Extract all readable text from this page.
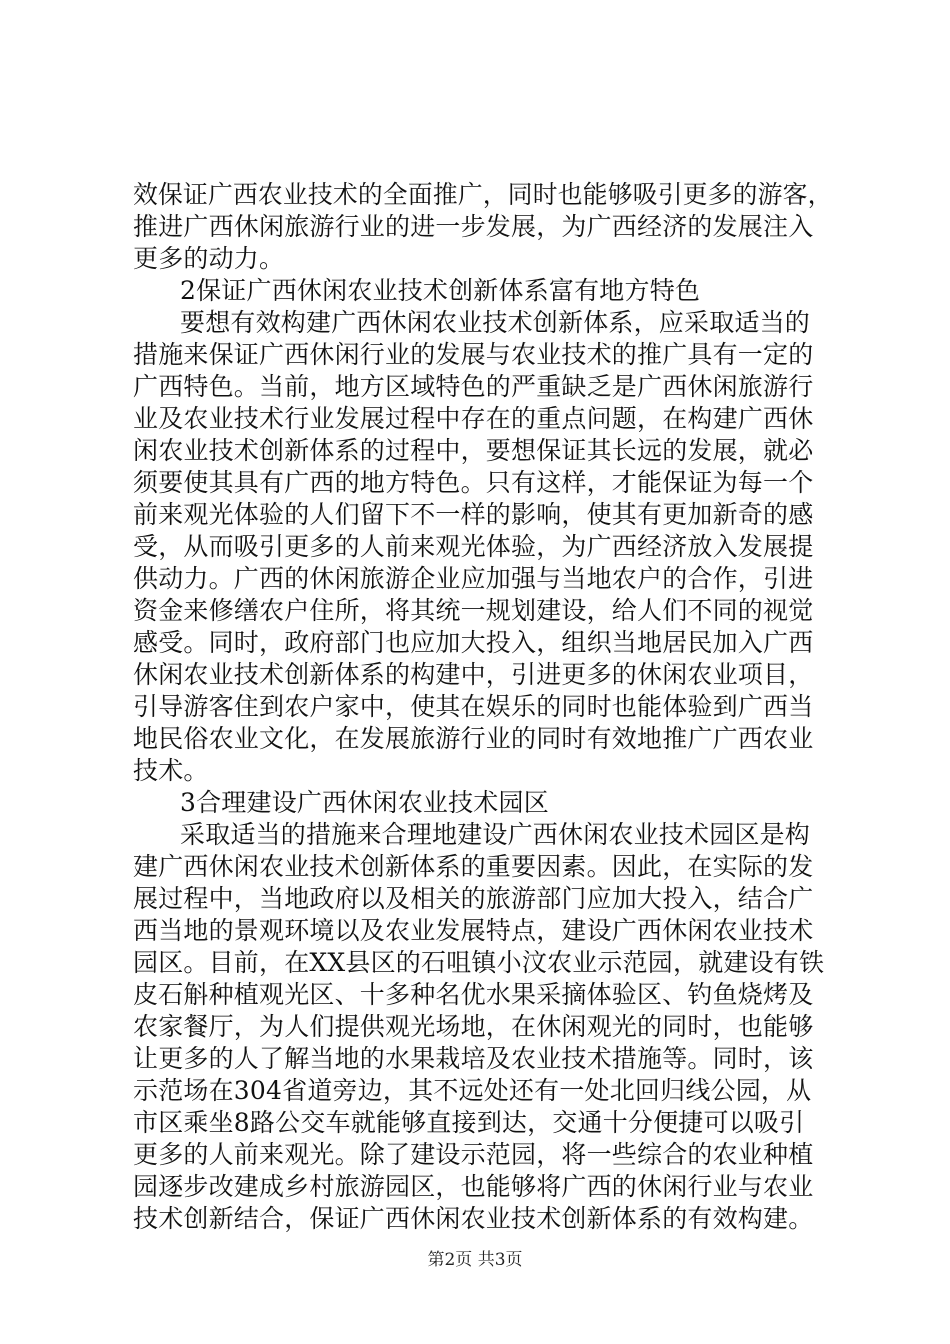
效保证广西农业技术的全面推广，同时也能够吸引更多的游客，
推进广西休闲旅游行业的进一步发展，为广西经济的发展注入
更多的动力。
2保证广西休闲农业技术创新体系富有地方特色
要想有效构建广西休闲农业技术创新体系，应采取适当的
措施来保证广西休闲行业的发展与农业技术的推广具有一定的
广西特色。当前，地方区域特色的严重缺乏是广西休闲旅游行
业及农业技术行业发展过程中存在的重点问题，在构建广西休
闲农业技术创新体系的过程中，要想保证其长远的发展，就必
须要使其具有广西的地方特色。只有这样，才能保证为每一个
前来观光体验的人们留下不一样的影响，使其有更加新奇的感
受，从而吸引更多的人前来观光体验，为广西经济放入发展提
供动力。广西的休闲旅游企业应加强与当地农户的合作，引进
资金来修缮农户住所，将其统一规划建设，给人们不同的视觉
感受。同时，政府部门也应加大投入，组织当地居民加入广西
休闲农业技术创新体系的构建中，引进更多的休闲农业项目，
引导游客住到农户家中，使其在娱乐的同时也能体验到广西当
地民俗农业文化，在发展旅游行业的同时有效地推广广西农业
技术。
3合理建设广西休闲农业技术园区
采取适当的措施来合理地建设广西休闲农业技术园区是构
建广西休闲农业技术创新体系的重要因素。因此，在实际的发
展过程中，当地政府以及相关的旅游部门应加大投入，结合广
西当地的景观环境以及农业发展特点，建设广西休闲农业技术
园区。目前，在XX县区的石咀镇小汶农业示范园，就建设有铁
皮石斛种植观光区、十多种名优水果采摘体验区、钓鱼烧烤及
农家餐厅，为人们提供观光场地，在休闲观光的同时，也能够
让更多的人了解当地的水果栽培及农业技术措施等。同时，该
示范场在304省道旁边，其不远处还有一处北回归线公园，从
市区乘坐8路公交车就能够直接到达，交通十分便捷可以吸引
更多的人前来观光。除了建设示范园，将一些综合的农业种植
园逐步改建成乡村旅游园区，也能够将广西的休闲行业与农业
技术创新结合，保证广西休闲农业技术创新体系的有效构建。
第2页 共3页
